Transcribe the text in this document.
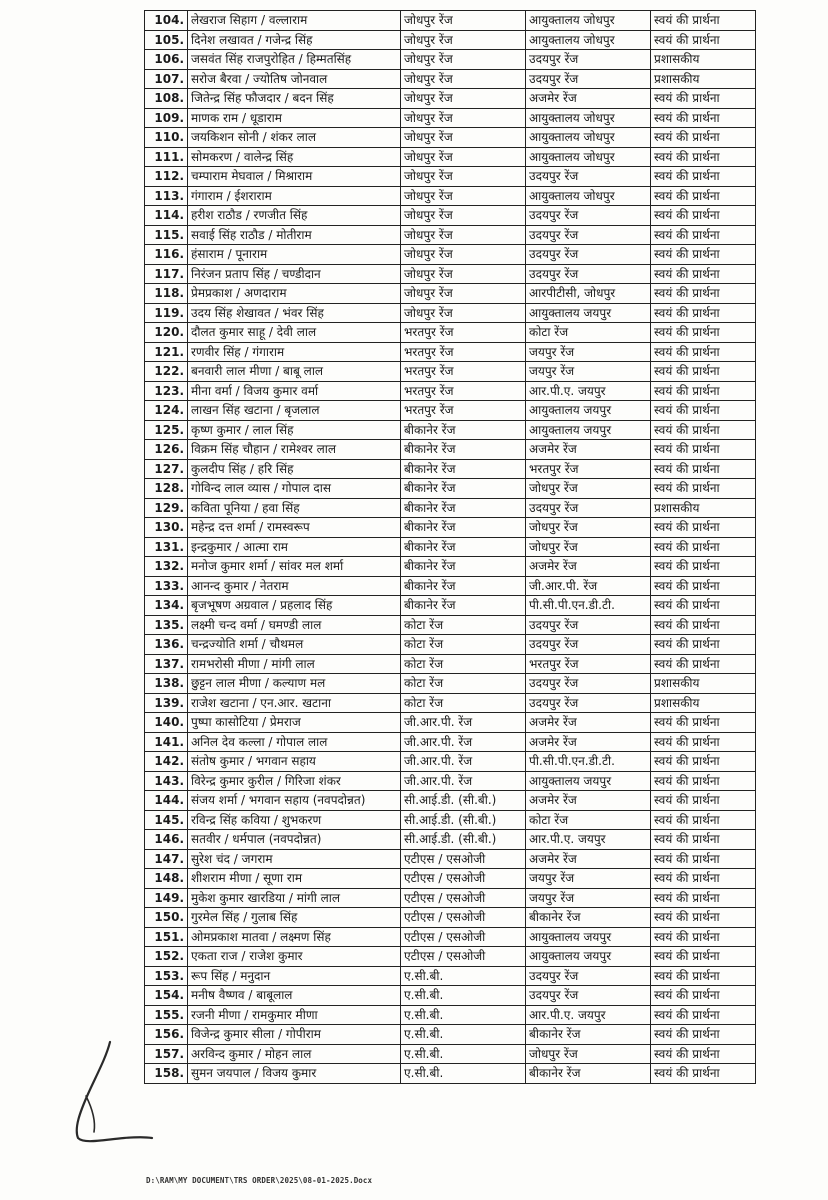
104.	लेखराज सिहाग / वल्लाराम	जोधपुर रेंज	आयुक्तालय जोधपुर	स्वयं की प्रार्थना
105.	दिनेश लखावत / गजेन्द्र सिंह	जोधपुर रेंज	आयुक्तालय जोधपुर	स्वयं की प्रार्थना
106.	जसवंत सिंह राजपुरोहित / हिम्मतसिंह	जोधपुर रेंज	उदयपुर रेंज	प्रशासकीय
107.	सरोज बैरवा / ज्योतिष जोनवाल	जोधपुर रेंज	उदयपुर रेंज	प्रशासकीय
108.	जितेन्द्र सिंह फौजदार / बदन सिंह	जोधपुर रेंज	अजमेर रेंज	स्वयं की प्रार्थना
109.	माणक राम / धूडाराम	जोधपुर रेंज	आयुक्तालय जोधपुर	स्वयं की प्रार्थना
110.	जयकिशन सोनी / शंकर लाल	जोधपुर रेंज	आयुक्तालय जोधपुर	स्वयं की प्रार्थना
111.	सोमकरण / वालेन्द्र सिंह	जोधपुर रेंज	आयुक्तालय जोधपुर	स्वयं की प्रार्थना
112.	चम्पाराम मेघवाल / मिश्राराम	जोधपुर रेंज	उदयपुर रेंज	स्वयं की प्रार्थना
113.	गंगाराम / ईशराराम	जोधपुर रेंज	आयुक्तालय जोधपुर	स्वयं की प्रार्थना
114.	हरीश राठौड / रणजीत सिंह	जोधपुर रेंज	उदयपुर रेंज	स्वयं की प्रार्थना
115.	सवाई सिंह राठौड / मोतीराम	जोधपुर रेंज	उदयपुर रेंज	स्वयं की प्रार्थना
116.	हंसाराम / पूनाराम	जोधपुर रेंज	उदयपुर रेंज	स्वयं की प्रार्थना
117.	निरंजन प्रताप सिंह / चण्डीदान	जोधपुर रेंज	उदयपुर रेंज	स्वयं की प्रार्थना
118.	प्रेमप्रकाश / अणदाराम	जोधपुर रेंज	आरपीटीसी, जोधपुर	स्वयं की प्रार्थना
119.	उदय सिंह शेखावत / भंवर सिंह	जोधपुर रेंज	आयुक्तालय जयपुर	स्वयं की प्रार्थना
120.	दौलत कुमार साहू / देवी लाल	भरतपुर रेंज	कोटा रेंज	स्वयं की प्रार्थना
121.	रणवीर सिंह / गंगाराम	भरतपुर रेंज	जयपुर रेंज	स्वयं की प्रार्थना
122.	बनवारी लाल मीणा / बाबू लाल	भरतपुर रेंज	जयपुर रेंज	स्वयं की प्रार्थना
123.	मीना वर्मा / विजय कुमार वर्मा	भरतपुर रेंज	आर.पी.ए. जयपुर	स्वयं की प्रार्थना
124.	लाखन सिंह खटाना / बृजलाल	भरतपुर रेंज	आयुक्तालय जयपुर	स्वयं की प्रार्थना
125.	कृष्ण कुमार / लाल सिंह	बीकानेर रेंज	आयुक्तालय जयपुर	स्वयं की प्रार्थना
126.	विक्रम सिंह चौहान / रामेश्वर लाल	बीकानेर रेंज	अजमेर रेंज	स्वयं की प्रार्थना
127.	कुलदीप सिंह / हरि सिंह	बीकानेर रेंज	भरतपुर रेंज	स्वयं की प्रार्थना
128.	गोविन्द लाल व्यास / गोपाल दास	बीकानेर रेंज	जोधपुर रेंज	स्वयं की प्रार्थना
129.	कविता पूनिया / हवा सिंह	बीकानेर रेंज	उदयपुर रेंज	प्रशासकीय
130.	महेन्द्र दत्त शर्मा / रामस्वरूप	बीकानेर रेंज	जोधपुर रेंज	स्वयं की प्रार्थना
131.	इन्द्रकुमार / आत्मा राम	बीकानेर रेंज	जोधपुर रेंज	स्वयं की प्रार्थना
132.	मनोज कुमार शर्मा / सांवर मल शर्मा	बीकानेर रेंज	अजमेर रेंज	स्वयं की प्रार्थना
133.	आनन्द कुमार / नेतराम	बीकानेर रेंज	जी.आर.पी. रेंज	स्वयं की प्रार्थना
134.	बृजभूषण अग्रवाल / प्रहलाद सिंह	बीकानेर रेंज	पी.सी.पी.एन.डी.टी.	स्वयं की प्रार्थना
135.	लक्ष्मी चन्द वर्मा / घमण्डी लाल	कोटा रेंज	उदयपुर रेंज	स्वयं की प्रार्थना
136.	चन्द्रज्योति शर्मा / चौथमल	कोटा रेंज	उदयपुर रेंज	स्वयं की प्रार्थना
137.	रामभरोसी मीणा / मांगी लाल	कोटा रेंज	भरतपुर रेंज	स्वयं की प्रार्थना
138.	छुट्टन लाल मीणा / कल्याण मल	कोटा रेंज	उदयपुर रेंज	प्रशासकीय
139.	राजेश खटाना / एन.आर. खटाना	कोटा रेंज	उदयपुर रेंज	प्रशासकीय
140.	पुष्पा कासोटिया / प्रेमराज	जी.आर.पी. रेंज	अजमेर रेंज	स्वयं की प्रार्थना
141.	अनिल देव कल्ला / गोपाल लाल	जी.आर.पी. रेंज	अजमेर रेंज	स्वयं की प्रार्थना
142.	संतोष कुमार / भगवान सहाय	जी.आर.पी. रेंज	पी.सी.पी.एन.डी.टी.	स्वयं की प्रार्थना
143.	विरेन्द्र कुमार कुरील / गिरिजा शंकर	जी.आर.पी. रेंज	आयुक्तालय जयपुर	स्वयं की प्रार्थना
144.	संजय शर्मा / भगवान सहाय (नवपदोन्नत)	सी.आई.डी. (सी.बी.)	अजमेर रेंज	स्वयं की प्रार्थना
145.	रविन्द्र सिंह कविया / शुभकरण	सी.आई.डी. (सी.बी.)	कोटा रेंज	स्वयं की प्रार्थना
146.	सतवीर / धर्मपाल (नवपदोन्नत)	सी.आई.डी. (सी.बी.)	आर.पी.ए. जयपुर	स्वयं की प्रार्थना
147.	सुरेश चंद / जगराम	एटीएस / एसओजी	अजमेर रेंज	स्वयं की प्रार्थना
148.	शीशराम मीणा / सूणा राम	एटीएस / एसओजी	जयपुर रेंज	स्वयं की प्रार्थना
149.	मुकेश कुमार खारडिया / मांगी लाल	एटीएस / एसओजी	जयपुर रेंज	स्वयं की प्रार्थना
150.	गुरमेल सिंह / गुलाब सिंह	एटीएस / एसओजी	बीकानेर रेंज	स्वयं की प्रार्थना
151.	ओमप्रकाश मातवा / लक्ष्मण सिंह	एटीएस / एसओजी	आयुक्तालय जयपुर	स्वयं की प्रार्थना
152.	एकता राज / राजेश कुमार	एटीएस / एसओजी	आयुक्तालय जयपुर	स्वयं की प्रार्थना
153.	रूप सिंह / मनुदान	ए.सी.बी.	उदयपुर रेंज	स्वयं की प्रार्थना
154.	मनीष वैष्णव / बाबूलाल	ए.सी.बी.	उदयपुर रेंज	स्वयं की प्रार्थना
155.	रजनी मीणा / रामकुमार मीणा	ए.सी.बी.	आर.पी.ए. जयपुर	स्वयं की प्रार्थना
156.	विजेन्द्र कुमार सीला / गोपीराम	ए.सी.बी.	बीकानेर रेंज	स्वयं की प्रार्थना
157.	अरविन्द कुमार / मोहन लाल	ए.सी.बी.	जोधपुर रेंज	स्वयं की प्रार्थना
158.	सुमन जयपाल / विजय कुमार	ए.सी.बी.	बीकानेर रेंज	स्वयं की प्रार्थना
D:\RAM\MY DOCUMENT\TRS ORDER\2025\08-01-2025.Docx
